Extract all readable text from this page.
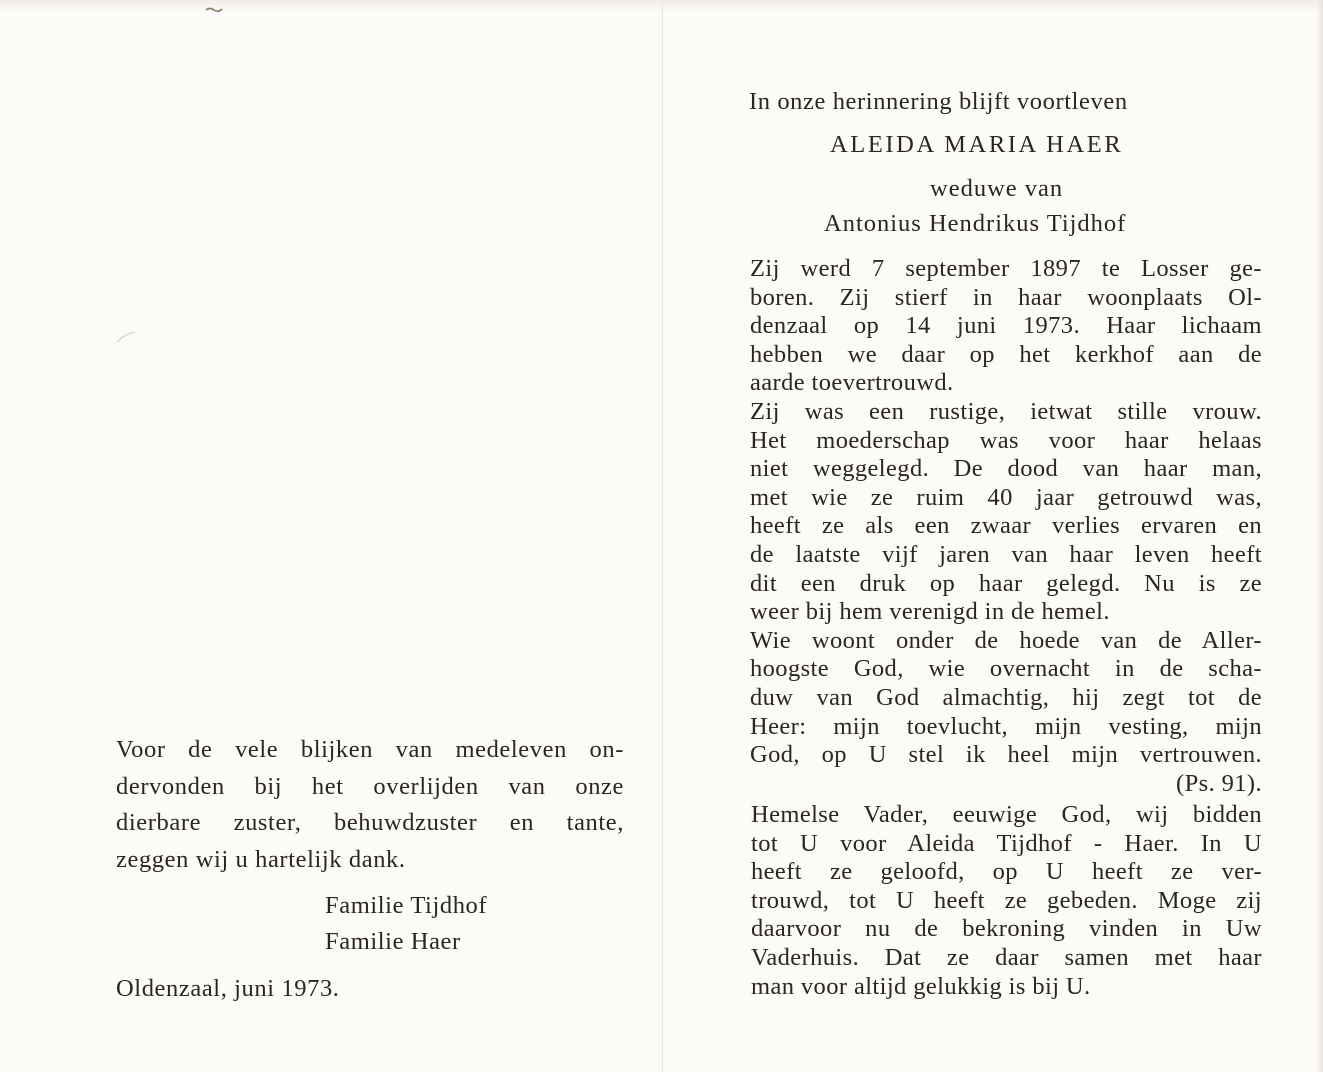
Voor de vele blijken van medeleven on-
dervonden bij het overlijden van onze
dierbare zuster, behuwdzuster en tante,
zeggen wij u hartelijk dank.
Familie Tijdhof
Familie Haer
Oldenzaal, juni 1973.
In onze herinnering blijft voortleven
ALEIDA MARIA HAER
weduwe van
Antonius Hendrikus Tijdhof
Zij werd 7 september 1897 te Losser ge-
boren. Zij stierf in haar woonplaats Ol-
denzaal op 14 juni 1973. Haar lichaam
hebben we daar op het kerkhof aan de
aarde toevertrouwd.
Zij was een rustige, ietwat stille vrouw.
Het moederschap was voor haar helaas
niet weggelegd. De dood van haar man,
met wie ze ruim 40 jaar getrouwd was,
heeft ze als een zwaar verlies ervaren en
de laatste vijf jaren van haar leven heeft
dit een druk op haar gelegd. Nu is ze
weer bij hem verenigd in de hemel.
Wie woont onder de hoede van de Aller-
hoogste God, wie overnacht in de scha-
duw van God almachtig, hij zegt tot de
Heer: mijn toevlucht, mijn vesting, mijn
God, op U stel ik heel mijn vertrouwen.
(Ps. 91).
Hemelse Vader, eeuwige God, wij bidden
tot U voor Aleida Tijdhof - Haer. In U
heeft ze geloofd, op U heeft ze ver-
trouwd, tot U heeft ze gebeden. Moge zij
daarvoor nu de bekroning vinden in Uw
Vaderhuis. Dat ze daar samen met haar
man voor altijd gelukkig is bij U.
